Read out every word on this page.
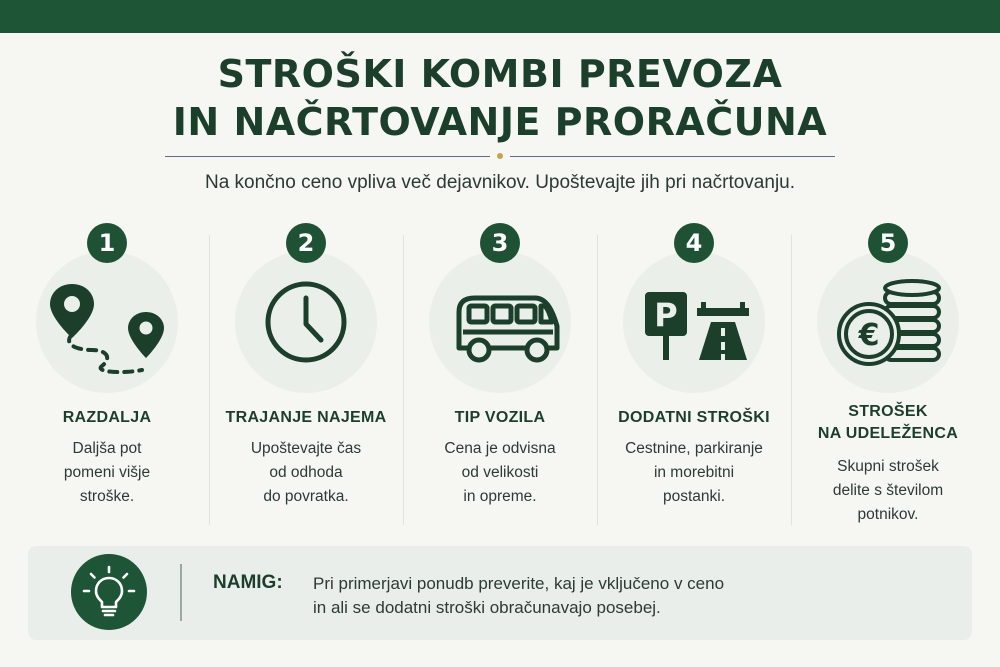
STROŠKI KOMBI PREVOZA
IN NAČRTOVANJE PRORAČUNA
Na končno ceno vpliva več dejavnikov. Upoštevajte jih pri načrtovanju.
1
RAZDALJA
Daljša pot
pomeni višje
stroške.
2
TRAJANJE NAJEMA
Upoštevajte čas
od odhoda
do povratka.
3
TIP VOZILA
Cena je odvisna
od velikosti
in opreme.
4
P
DODATNI STROŠKI
Cestnine, parkiranje
in morebitni
postanki.
5
€
STROŠEK
NA UDELEŽENCA
Skupni strošek
delite s številom
potnikov.
NAMIG: Pri primerjavi ponudb preverite, kaj je vključeno v ceno
in ali se dodatni stroški obračunavajo posebej.
